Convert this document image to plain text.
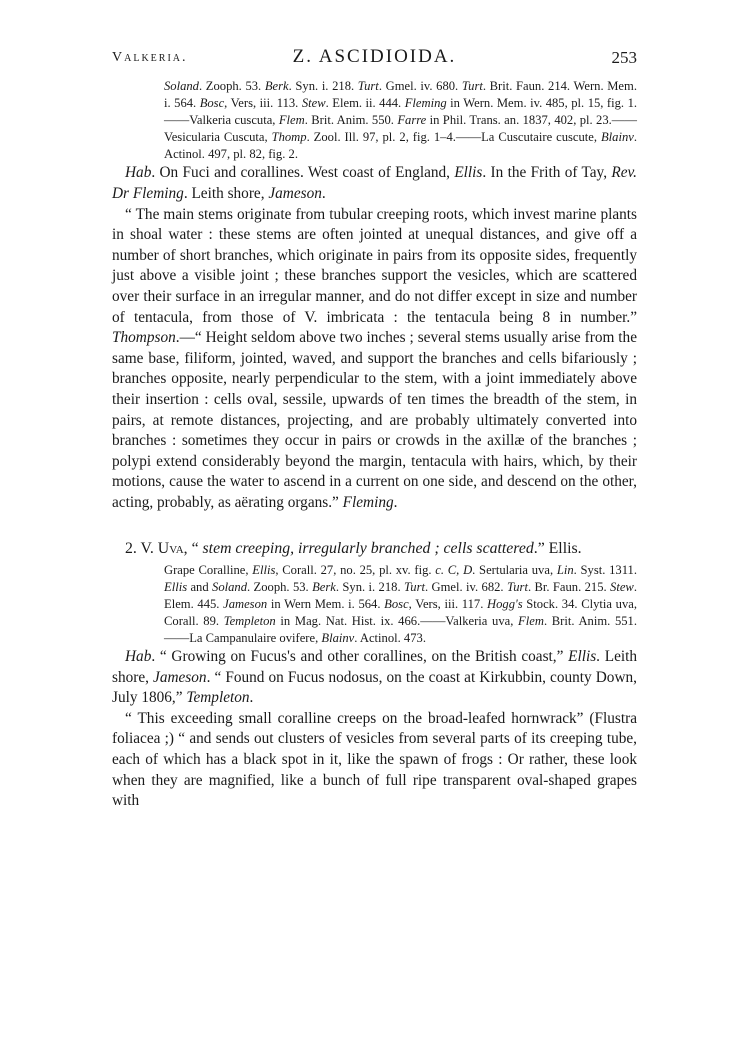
Valkeria.	Z. ASCIDIOIDA.	253

Soland. Zooph. 53. Berk. Syn. i. 218. Turt. Gmel. iv. 680. Turt. Brit. Faun. 214. Wern. Mem. i. 564. Bosc, Vers, iii. 113. Stew. Elem. ii. 444. Fleming in Wern. Mem. iv. 485, pl. 15, fig. 1.——Valkeria cuscuta, Flem. Brit. Anim. 550. Farre in Phil. Trans. an. 1837, 402, pl. 23.——Vesicularia Cuscuta, Thomp. Zool. Ill. 97, pl. 2, fig. 1–4.——La Cuscutaire cuscute, Blainv. Actinol. 497, pl. 82, fig. 2.

Hab. On Fuci and corallines. West coast of England, Ellis. In the Frith of Tay, Rev. Dr Fleming. Leith shore, Jameson.

“ The main stems originate from tubular creeping roots, which invest marine plants in shoal water : these stems are often jointed at unequal distances, and give off a number of short branches, which originate in pairs from its opposite sides, frequently just above a visible joint ; these branches support the vesicles, which are scattered over their surface in an irregular manner, and do not differ except in size and number of tentacula, from those of V. imbricata : the tentacula being 8 in number.” Thompson.—“ Height seldom above two inches ; several stems usually arise from the same base, filiform, jointed, waved, and support the branches and cells bifariously ; branches opposite, nearly perpendicular to the stem, with a joint immediately above their insertion : cells oval, sessile, upwards of ten times the breadth of the stem, in pairs, at remote distances, projecting, and are probably ultimately converted into branches : sometimes they occur in pairs or crowds in the axillæ of the branches ; polypi extend considerably beyond the margin, tentacula with hairs, which, by their motions, cause the water to ascend in a current on one side, and descend on the other, acting, probably, as aërating organs.” Fleming.

2. V. Uva, “ stem creeping, irregularly branched ; cells scattered.” Ellis.

Grape Coralline, Ellis, Corall. 27, no. 25, pl. xv. fig. c. C, D. Sertularia uva, Lin. Syst. 1311. Ellis and Soland. Zooph. 53. Berk. Syn. i. 218. Turt. Gmel. iv. 682. Turt. Br. Faun. 215. Stew. Elem. 445. Jameson in Wern Mem. i. 564. Bosc, Vers, iii. 117. Hogg's Stock. 34. Clytia uva, Corall. 89. Templeton in Mag. Nat. Hist. ix. 466.——Valkeria uva, Flem. Brit. Anim. 551.——La Campanulaire ovifere, Blainv. Actinol. 473.

Hab. “ Growing on Fucus's and other corallines, on the British coast,” Ellis. Leith shore, Jameson. “ Found on Fucus nodosus, on the coast at Kirkubbin, county Down, July 1806,” Templeton.

“ This exceeding small coralline creeps on the broad-leafed hornwrack” (Flustra foliacea ;) “ and sends out clusters of vesicles from several parts of its creeping tube, each of which has a black spot in it, like the spawn of frogs : Or rather, these look when they are magnified, like a bunch of full ripe transparent oval-shaped grapes with
